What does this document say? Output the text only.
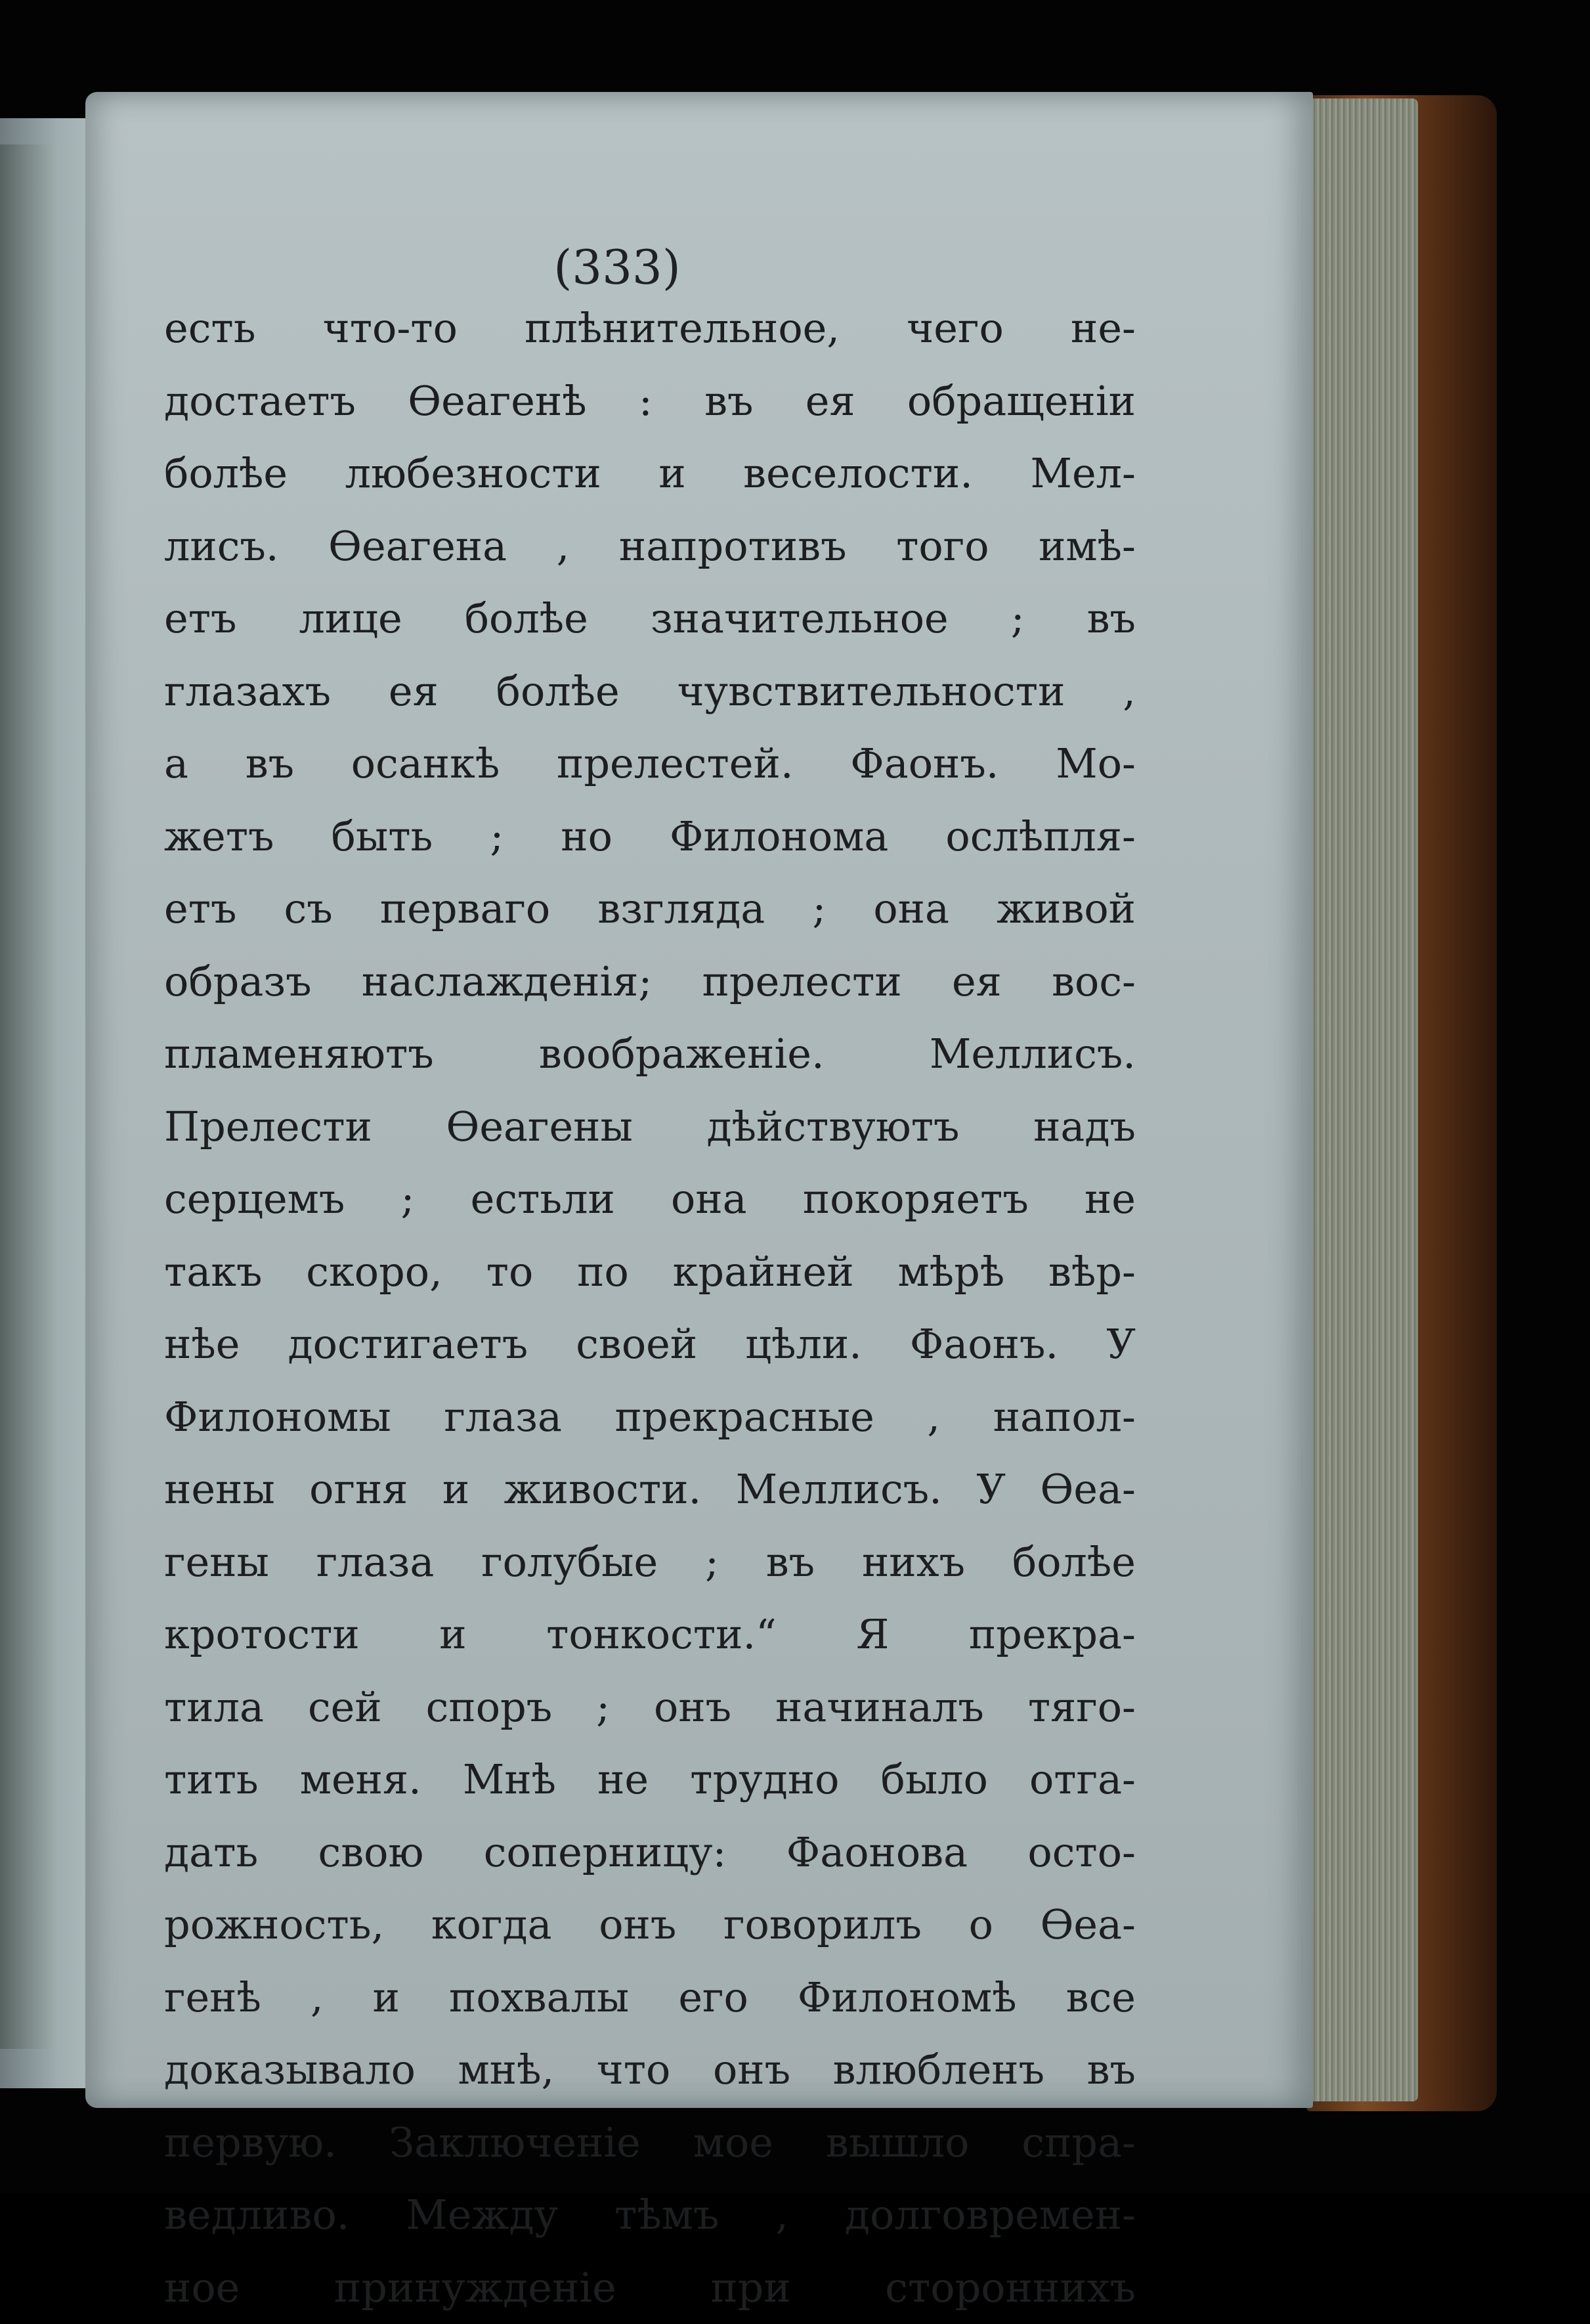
(333)
есть что-то плѣнительное, чего не-
достаетъ Ѳеагенѣ : въ ея обращеніи
болѣе любезности и веселости. Мел-
лисъ. Ѳеагена , напротивъ того имѣ-
етъ лице болѣе значительное ; въ
глазахъ ея болѣе чувствительности ,
а въ осанкѣ прелестей. Фаонъ. Мо-
жетъ быть ; но Филонома ослѣпля-
етъ съ перваго взгляда ; она живой
образъ наслажденія; прелести ея вос-
пламеняютъ воображеніе. Меллисъ.
Прелести Ѳеагены дѣйствуютъ надъ
серцемъ ; естьли она покоряетъ не
такъ скоро, то по крайней мѣрѣ вѣр-
нѣе достигаетъ своей цѣли. Фаонъ. У
Филономы глаза прекрасные , напол-
нены огня и живости. Меллисъ. У Ѳеа-
гены глаза голубые ; въ нихъ болѣе
кротости и тонкости.“ Я прекра-
тила сей споръ ; онъ начиналъ тяго-
тить меня. Мнѣ не трудно было отга-
дать свою соперницу: Фаонова осто-
рожность, когда онъ говорилъ о Ѳеа-
генѣ , и похвалы его Филономѣ все
доказывало мнѣ, что онъ влюбленъ въ
первую. Заключеніе мое вышло спра-
ведливо. Между тѣмъ , долговремен-
ное принужденіе при стороннихъ
